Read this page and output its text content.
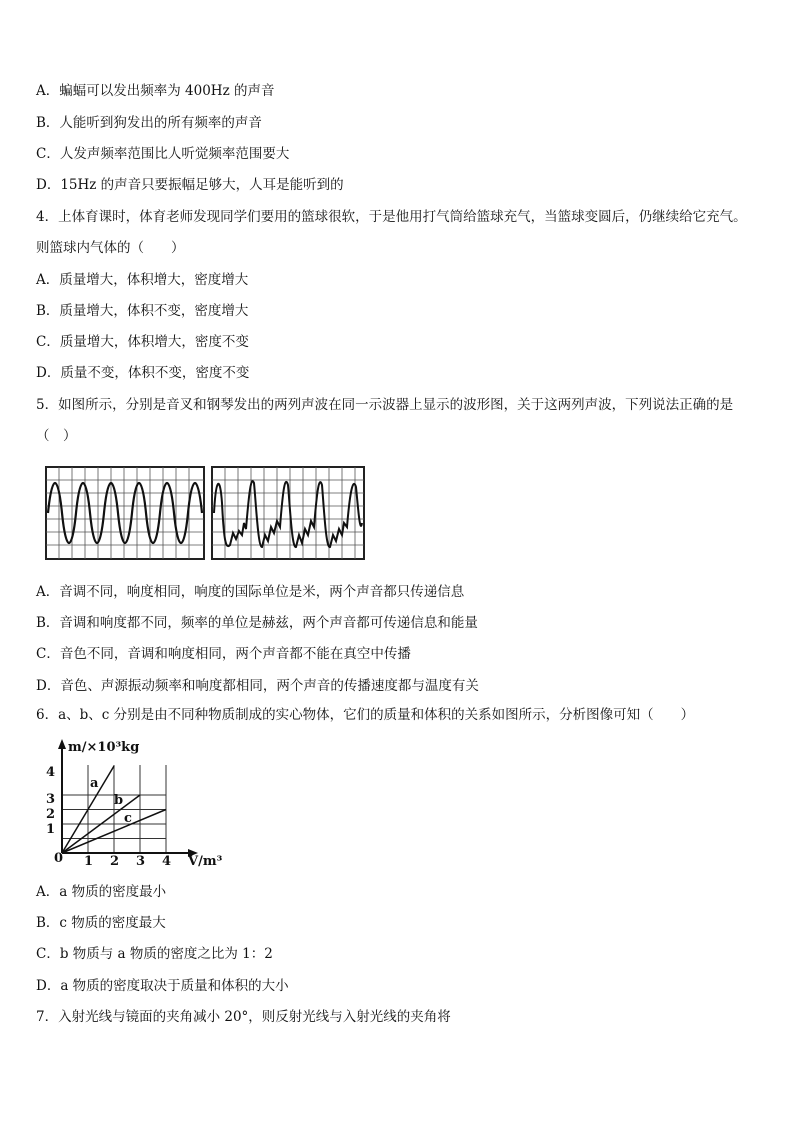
A．蝙蝠可以发出频率为 400Hz 的声音
B．人能听到狗发出的所有频率的声音
C．人发声频率范围比人听觉频率范围要大
D．15Hz 的声音只要振幅足够大，人耳是能听到的
4．上体育课时，体育老师发现同学们要用的篮球很软，于是他用打气筒给篮球充气，当篮球变圆后，仍继续给它充气。
则篮球内气体的（　　）
A．质量增大，体积增大，密度增大
B．质量增大，体积不变，密度增大
C．质量增大，体积增大，密度不变
D．质量不变，体积不变，密度不变
5．如图所示，分别是音叉和钢琴发出的两列声波在同一示波器上显示的波形图，关于这两列声波，下列说法正确的是
（　）
A．音调不同，响度相同，响度的国际单位是米，两个声音都只传递信息
B．音调和响度都不同，频率的单位是赫兹，两个声音都可传递信息和能量
C．音色不同，音调和响度相同，两个声音都不能在真空中传播
D．音色、声源振动频率和响度都相同，两个声音的传播速度都与温度有关
6．a、b、c 分别是由不同种物质制成的实心物体，它们的质量和体积的关系如图所示，分析图像可知（　　）
m/×10³kg
V/m³
0 1 2 3 4
1
2
3
4
a
b
c
A．a 物质的密度最小
B．c 物质的密度最大
C．b 物质与 a 物质的密度之比为 1：2
D．a 物质的密度取决于质量和体积的大小
7．入射光线与镜面的夹角减小 20°，则反射光线与入射光线的夹角将
